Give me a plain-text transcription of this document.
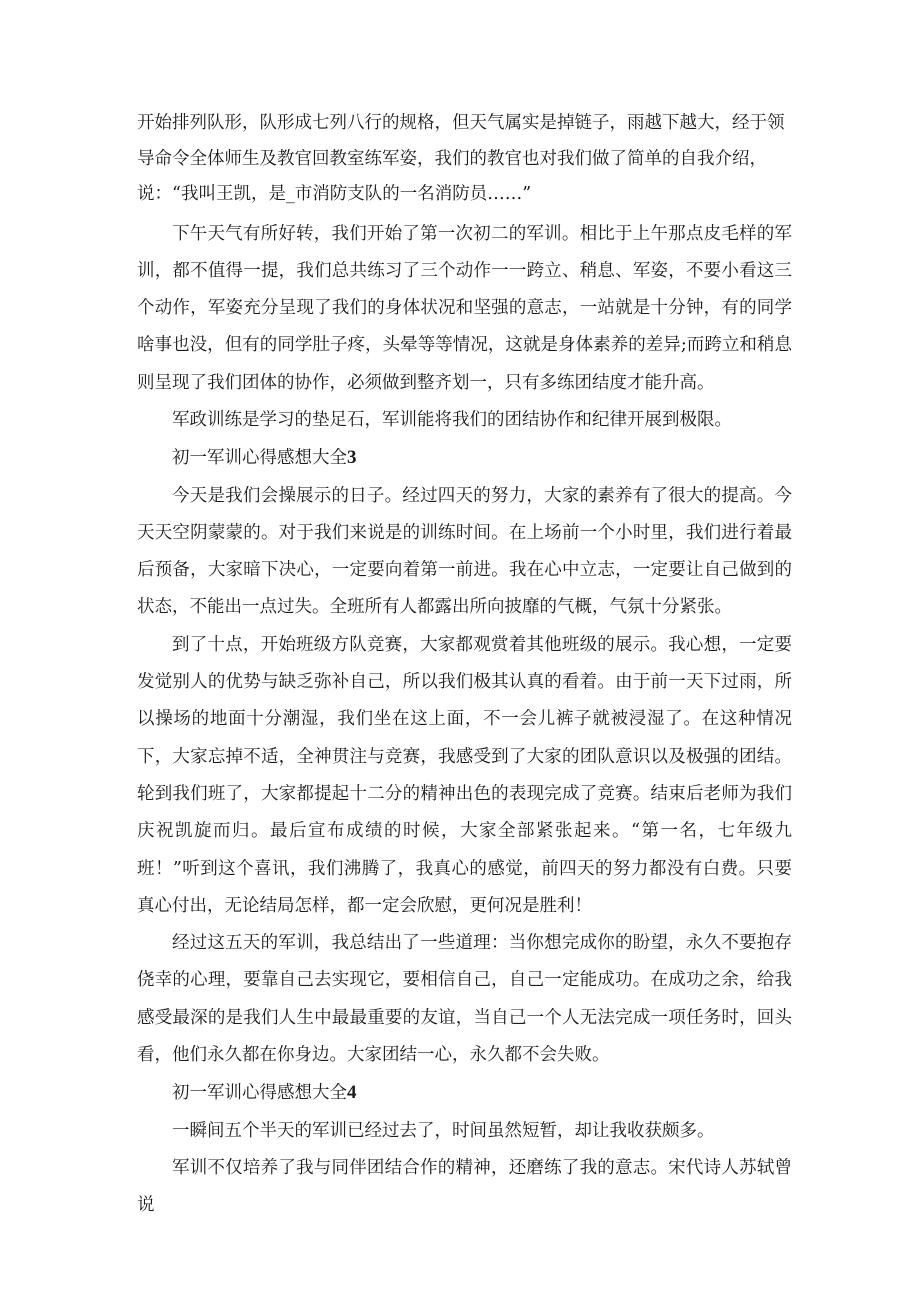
开始排列队形，队形成七列八行的规格，但天气属实是掉链子，雨越下越大，经于领

导命令全体师生及教官回教室练军姿，我们的教官也对我们做了简单的自我介绍，

说：“我叫王凯，是_市消防支队的一名消防员……”

下午天气有所好转，我们开始了第一次初二的军训。相比于上午那点皮毛样的军训，都不值得一提，我们总共练习了三个动作一一跨立、稍息、军姿，不要小看这三个动作，军姿充分呈现了我们的身体状况和坚强的意志，一站就是十分钟，有的同学啥事也没，但有的同学肚子疼，头晕等等情况，这就是身体素养的差异;而跨立和稍息则呈现了我们团体的协作，必须做到整齐划一，只有多练团结度才能升高。

军政训练是学习的垫足石，军训能将我们的团结协作和纪律开展到极限。

初一军训心得感想大全3

今天是我们会操展示的日子。经过四天的努力，大家的素养有了很大的提高。今天天空阴蒙蒙的。对于我们来说是的训练时间。在上场前一个小时里，我们进行着最后预备，大家暗下决心，一定要向着第一前进。我在心中立志，一定要让自己做到的状态，不能出一点过失。全班所有人都露出所向披靡的气概，气氛十分紧张。

到了十点，开始班级方队竞赛，大家都观赏着其他班级的展示。我心想，一定要发觉别人的优势与缺乏弥补自己，所以我们极其认真的看着。由于前一天下过雨，所以操场的地面十分潮湿，我们坐在这上面，不一会儿裤子就被浸湿了。在这种情况下，大家忘掉不适，全神贯注与竞赛，我感受到了大家的团队意识以及极强的团结。轮到我们班了，大家都提起十二分的精神出色的表现完成了竞赛。结束后老师为我们庆祝凯旋而归。最后宣布成绩的时候，大家全部紧张起来。“第一名，七年级九班！”听到这个喜讯，我们沸腾了，我真心的感觉，前四天的努力都没有白费。只要真心付出，无论结局怎样，都一定会欣慰，更何况是胜利！

经过这五天的军训，我总结出了一些道理：当你想完成你的盼望，永久不要抱存侥幸的心理，要靠自己去实现它，要相信自己，自己一定能成功。在成功之余，给我感受最深的是我们人生中最最重要的友谊，当自己一个人无法完成一项任务时，回头看，他们永久都在你身边。大家团结一心，永久都不会失败。

初一军训心得感想大全4

一瞬间五个半天的军训已经过去了，时间虽然短暂，却让我收获颇多。

军训不仅培养了我与同伴团结合作的精神，还磨练了我的意志。宋代诗人苏轼曾说
